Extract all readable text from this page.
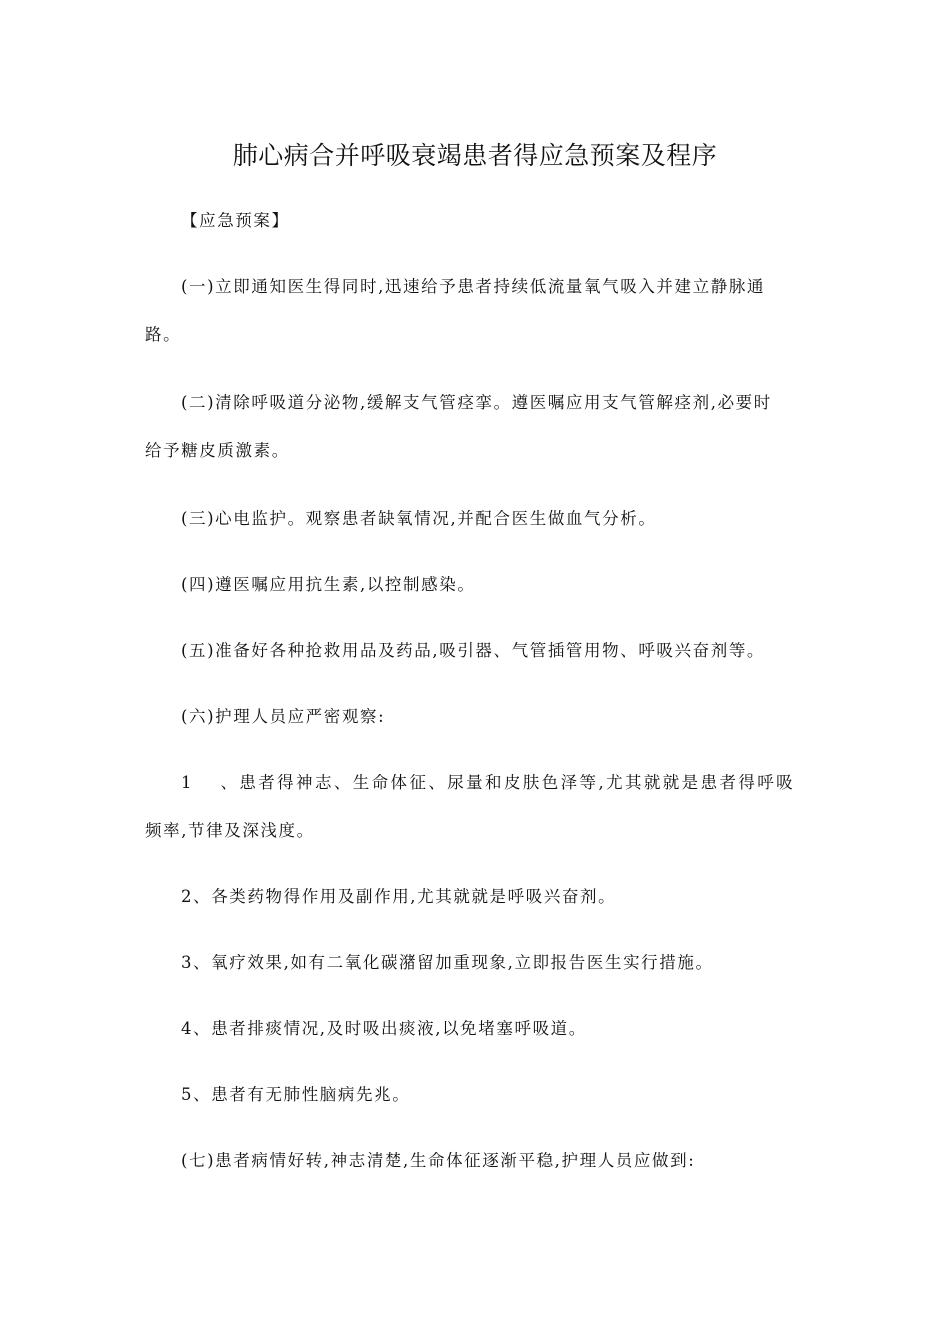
肺心病合并呼吸衰竭患者得应急预案及程序
【应急预案】
(一)立即通知医生得同时,迅速给予患者持续低流量氧气吸入并建立静脉通
路。
(二)清除呼吸道分泌物,缓解支气管痉挛。遵医嘱应用支气管解痉剂,必要时
给予糖皮质激素。
(三)心电监护。观察患者缺氧情况,并配合医生做血气分析。
(四)遵医嘱应用抗生素,以控制感染。
(五)准备好各种抢救用品及药品,吸引器、气管插管用物、呼吸兴奋剂等。
(六)护理人员应严密观察:
1　 、患者得神志、生命体征、尿量和皮肤色泽等,尤其就就是患者得呼吸
频率,节律及深浅度。
2、各类药物得作用及副作用,尤其就就是呼吸兴奋剂。
3、氧疗效果,如有二氧化碳潴留加重现象,立即报告医生实行措施。
4、患者排痰情况,及时吸出痰液,以免堵塞呼吸道。
5、患者有无肺性脑病先兆。
(七)患者病情好转,神志清楚,生命体征逐渐平稳,护理人员应做到:
